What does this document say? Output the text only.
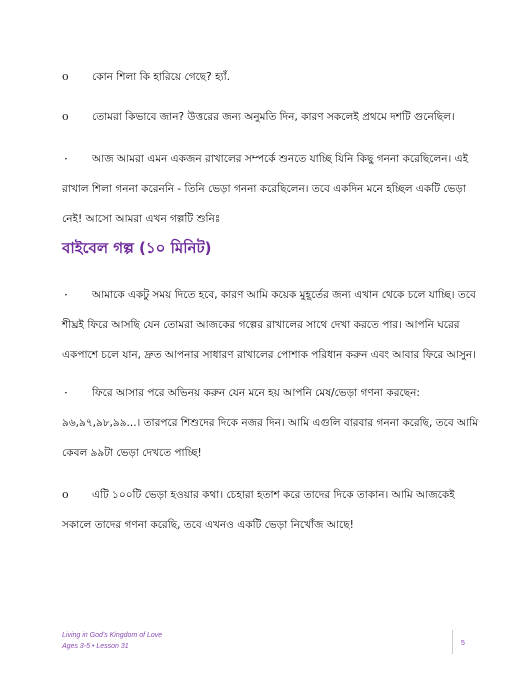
o	কোন শিলা কি হারিয়ে গেছে? হ্যাঁ.
o	তোমরা কিভাবে জান? উত্তরের জন্য অনুমতি দিন, কারণ সকলেই প্রথমে দশটি গুনেছিল।
·	আজ আমরা এমন একজন রাখালের সম্পর্কে শুনতে যাচ্ছি যিনি কিছু গননা করেছিলেন। এই রাখাল শিলা গননা করেননি - তিনি ভেড়া গননা করেছিলেন। তবে একদিন মনে হচ্ছিল একটি ভেড়া নেই! আসো আমরা এখন গল্পটি শুনিঃ
বাইবেল গল্প (১০ মিনিট)
·	আমাকে একটু সময় দিতে হবে, কারণ আমি কয়েক মুহূর্তের জন্য এখান থেকে চলে যাচ্ছি। তবে শীঘ্রই ফিরে আসছি যেন তোমরা আজকের গল্পের রাখালের সাথে দেখা করতে পার। আপনি ঘরের একপাশে চলে যান, দ্রুত আপনার সাধারণ রাখালের পোশাক পরিধান করুন এবং আবার ফিরে আসুন।
·	ফিরে আসার পরে অভিনয় করুন যেন মনে হয় আপনি মেষ/ভেড়া গণনা করছেন: ৯৬,৯৭,৯৮,৯৯...। তারপরে শিশুদের দিকে নজর দিন। আমি এগুলি বারবার গননা করেছি, তবে আমি কেবল ৯৯টা ভেড়া দেখতে পাচ্ছি!
o	এটি ১০০টি ভেড়া হওয়ার কথা। চেহারা হতাশ করে তাদের দিকে তাকান। আমি আজকেই সকালে তাদের গণনা করেছি, তবে এখনও একটি ভেড়া নিখোঁজ আছে!
Living in God's Kingdom of Love
Ages 3-5 • Lesson 31	5
